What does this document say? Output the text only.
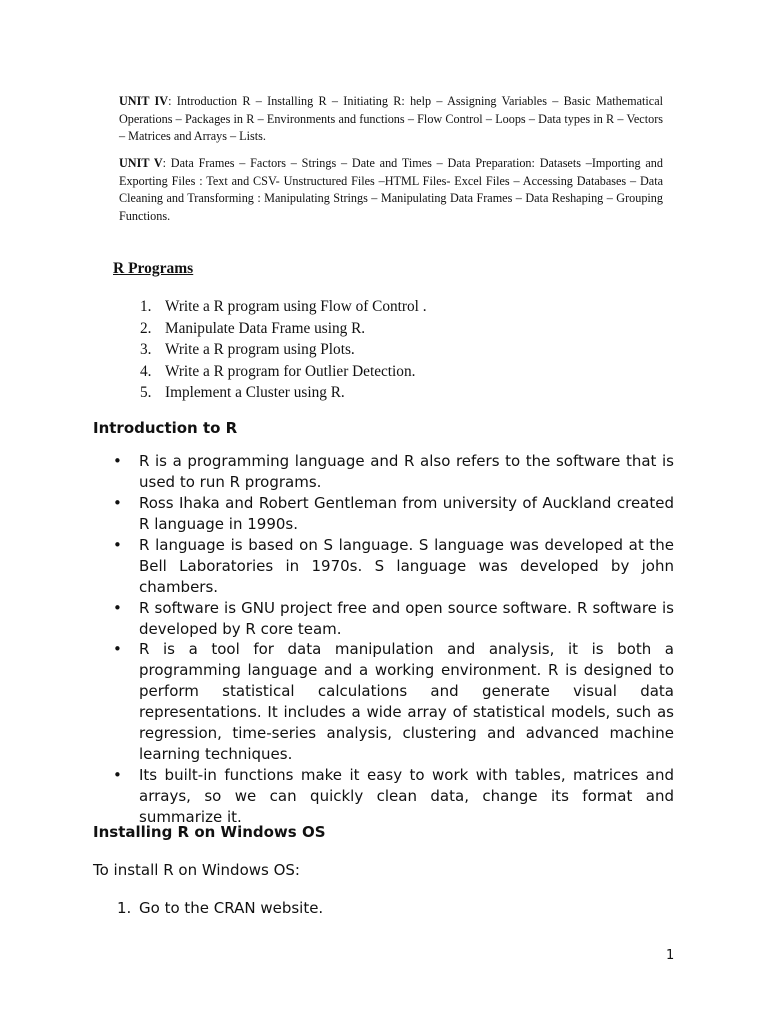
UNIT IV: Introduction R – Installing R – Initiating R: help – Assigning Variables – Basic Mathematical Operations – Packages in R – Environments and functions – Flow Control – Loops – Data types in R – Vectors – Matrices and Arrays – Lists.
UNIT V: Data Frames – Factors – Strings – Date and Times – Data Preparation: Datasets –Importing and Exporting Files : Text and CSV- Unstructured Files –HTML Files- Excel Files – Accessing Databases – Data Cleaning and Transforming : Manipulating Strings – Manipulating Data Frames – Data Reshaping – Grouping Functions.
R Programs
1. Write a R program using Flow of Control .
2. Manipulate Data Frame using R.
3. Write a R program using Plots.
4. Write a R program for Outlier Detection.
5. Implement a Cluster using R.
Introduction to R
•	R is a programming language and R also refers to the software that is used to run R programs.
•	Ross Ihaka and Robert Gentleman from university of Auckland created R language in 1990s.
•	R language is based on S language. S language was developed at the Bell Laboratories in 1970s. S language was developed by john chambers.
•	R software is GNU project free and open source software. R software is developed by R core team.
•	R is a tool for data manipulation and analysis, it is both a programming language and a working environment. R is designed to perform statistical calculations and generate visual data representations. It includes a wide array of statistical models, such as regression, time-series analysis, clustering and advanced machine learning techniques.
•	Its built-in functions make it easy to work with tables, matrices and arrays, so we can quickly clean data, change its format and summarize it.
Installing R on Windows OS
To install R on Windows OS:
1. Go to the CRAN website.
1
